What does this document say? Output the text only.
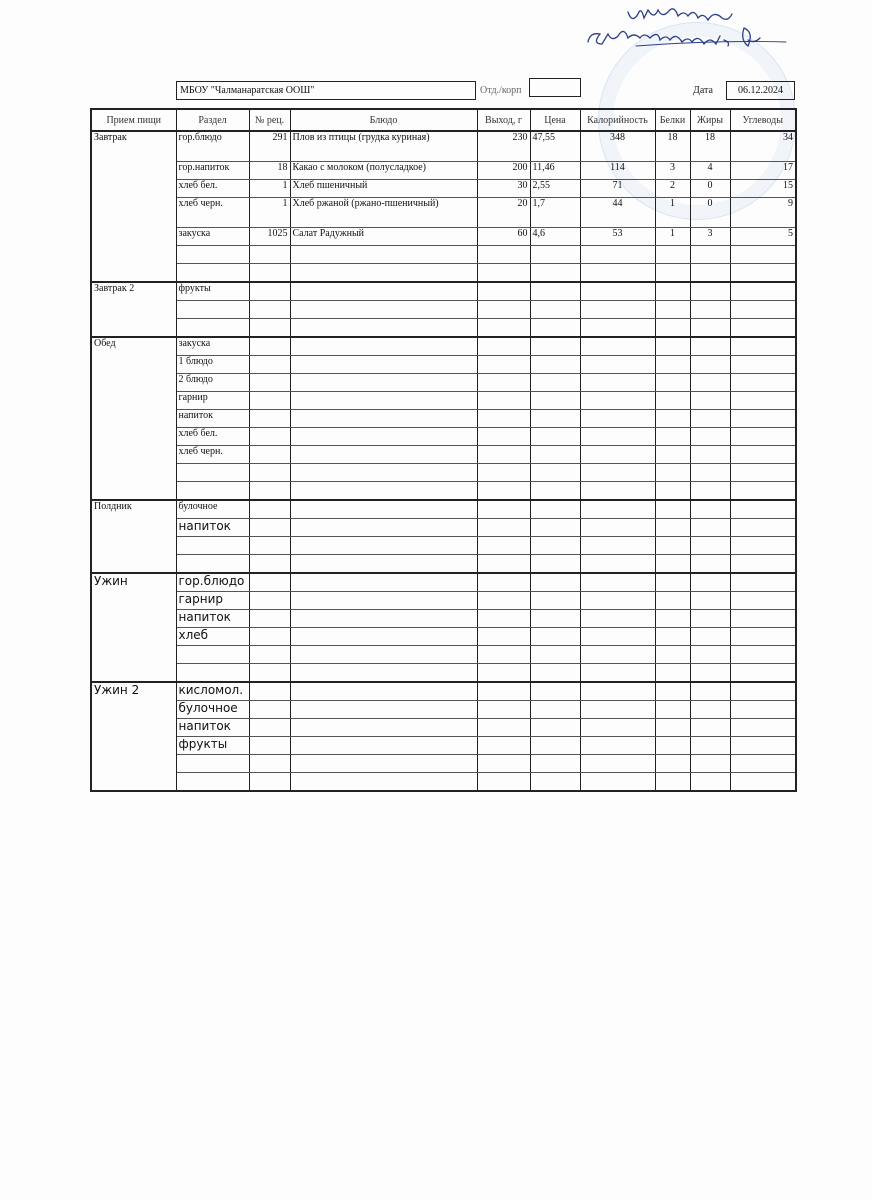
МБОУ "Чалманаратская ООШ"	Отд./корп	Дата	06.12.2024
Прием пищи	Раздел	№ рец.	Блюдо	Выход, г	Цена	Калорийность	Белки	Жиры	Углеводы
Завтрак	гор.блюдо	291	Плов из птицы (грудка куриная)	230	47,55	348	18	18	34
	гор.напиток	18	Какао с молоком (полусладкое)	200	11,46	114	3	4	17
	хлеб бел.	1	Хлеб пшеничный	30	2,55	71	2	0	15
	хлеб черн.	1	Хлеб ржаной (ржано-пшеничный)	20	1,7	44	1	0	9
	закуска	1025	Салат Радужный	60	4,6	53	1	3	5

Завтрак 2	фрукты								

Обед	закуска								
	1 блюдо								
	2 блюдо								
	гарнир								
	напиток								
	хлеб бел.								
	хлеб черн.								

Полдник	булочное								
	напиток								

Ужин	гор.блюдо								
	гарнир								
	напиток								
	хлеб								

Ужин 2	кисломол.								
	булочное								
	напиток								
	фрукты								
